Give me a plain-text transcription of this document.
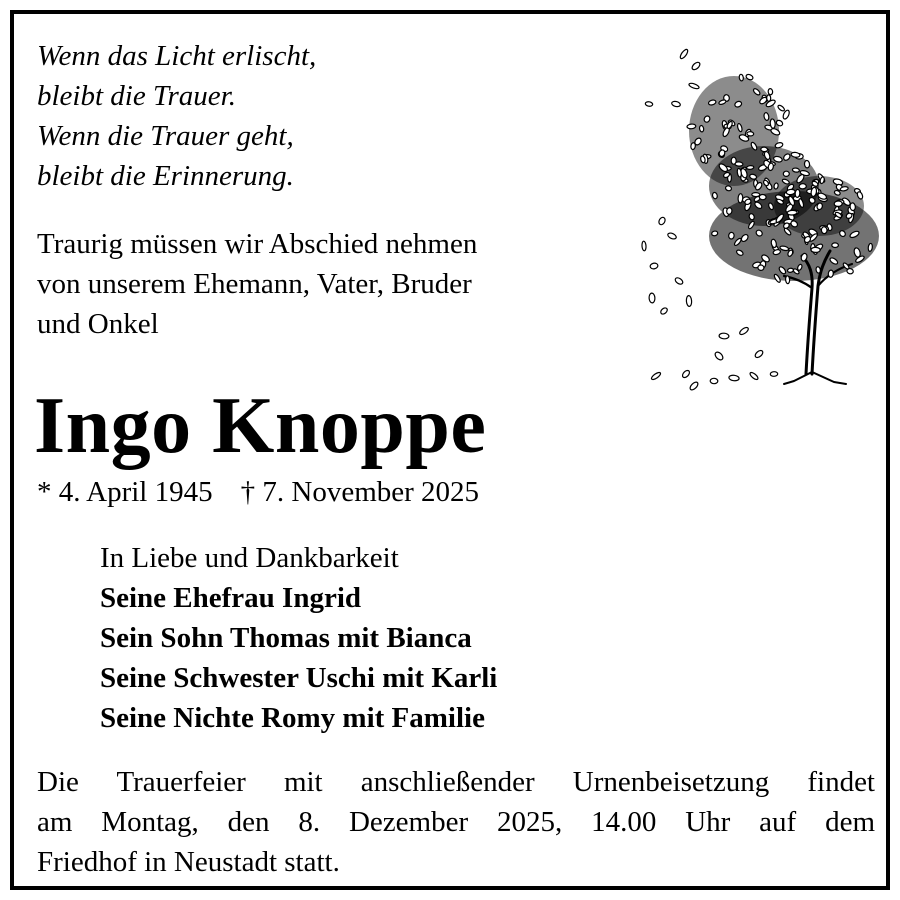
Wenn das Licht erlischt,
bleibt die Trauer.
Wenn die Trauer geht,
bleibt die Erinnerung.
Traurig müssen wir Abschied nehmen
von unserem Ehemann, Vater, Bruder
und Onkel
Ingo Knoppe
* 4. April 1945 † 7. November 2025
In Liebe und Dankbarkeit
Seine Ehefrau Ingrid
Sein Sohn Thomas mit Bianca
Seine Schwester Uschi mit Karli
Seine Nichte Romy mit Familie
Die Trauerfeier mit anschließender Urnenbeisetzung findet
am Montag, den 8. Dezember 2025, 14.00 Uhr auf dem
Friedhof in Neustadt statt.
